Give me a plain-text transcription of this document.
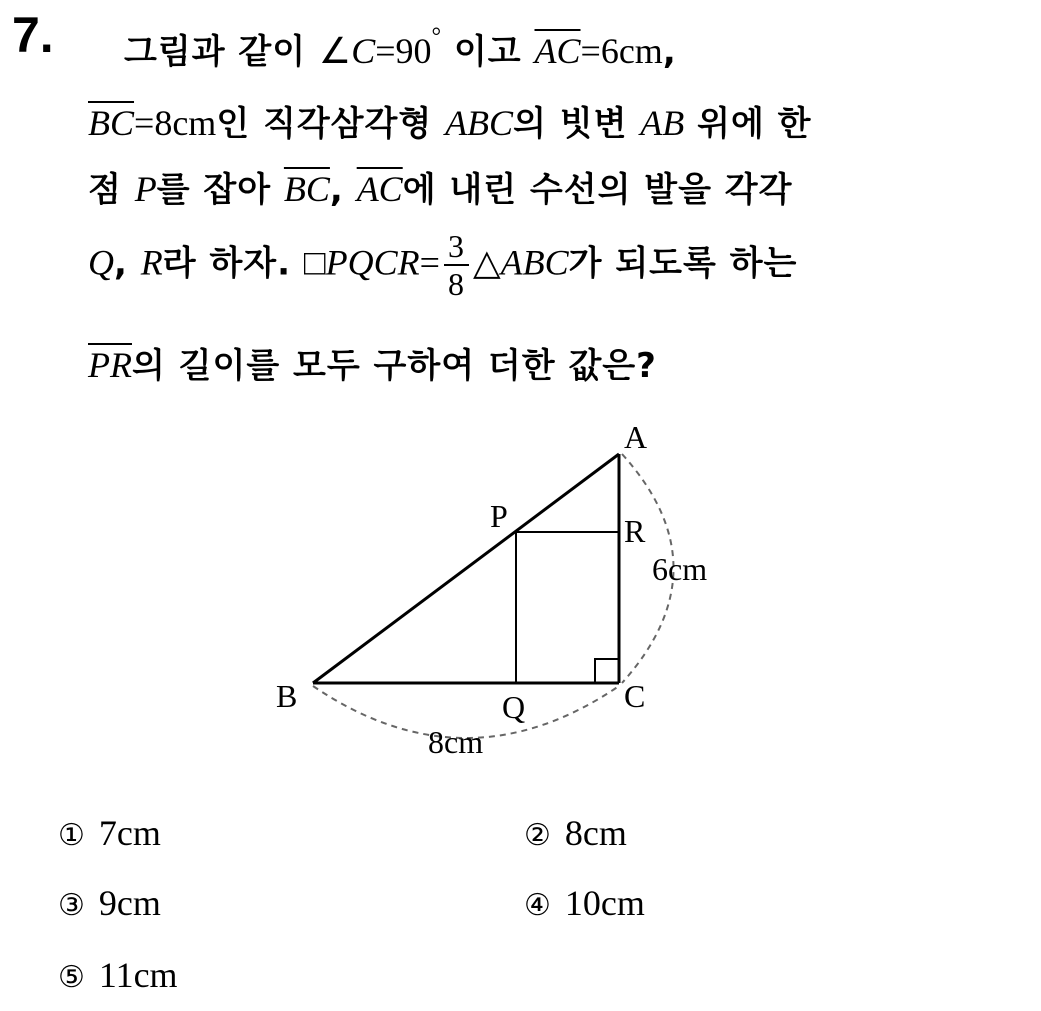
7. 그림과 같이 ∠C=90° 이고 $\overline{AC}=6cm$,
$\overline{BC}=8cm$인 직각삼각형 ABC의 빗변 AB 위에 한
점 P를 잡아 $\overline{BC}$, $\overline{AC}$에 내린 수선의 발을 각각
Q, R라 하자. □PQCR= $\frac{3}{8}$ △ABC가 되도록 하는
$\overline{PR}$의 길이를 모두 구하여 더한 값은?
A
B	C
P
Q
R
6cm
8cm
① 7cm	② 8cm
③ 9cm	④ 10cm
⑤ 11cm
